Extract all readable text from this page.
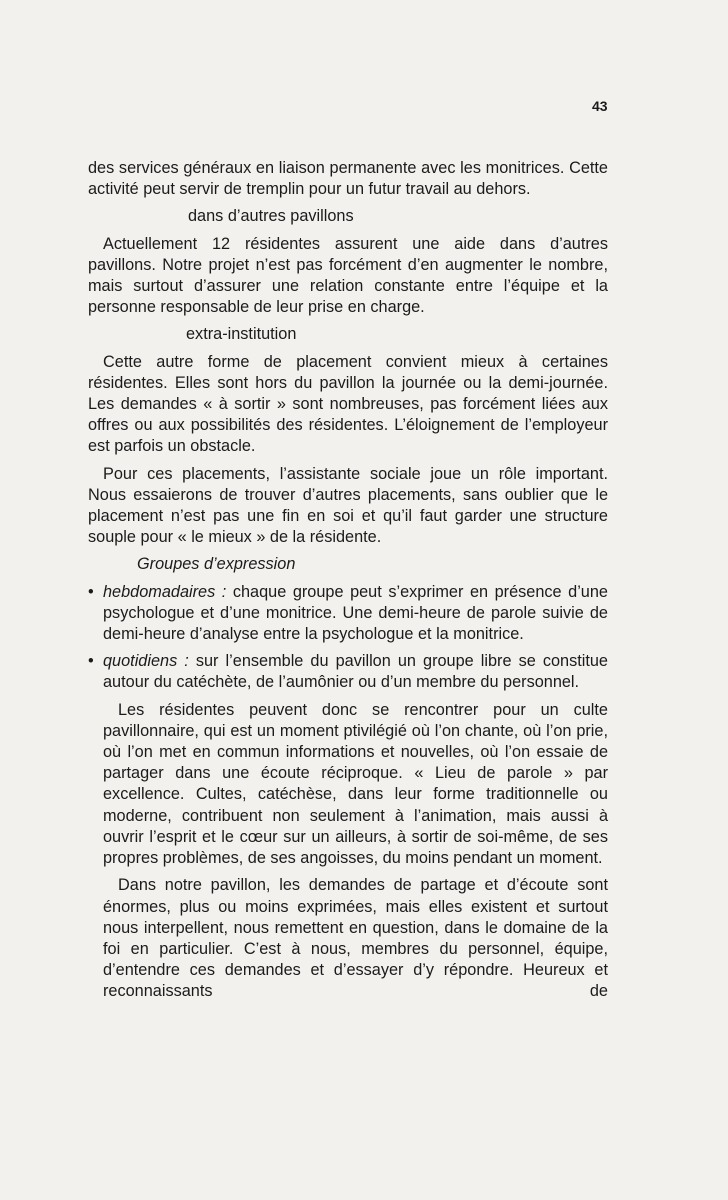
43

des services généraux en liaison permanente avec les monitrices. Cette activité peut servir de tremplin pour un futur travail au dehors.

dans d’autres pavillons

Actuellement 12 résidentes assurent une aide dans d’autres pavillons. Notre projet n’est pas forcément d’en augmenter le nombre, mais surtout d’assurer une relation constante entre l’équipe et la personne responsable de leur prise en charge.

extra-institution

Cette autre forme de placement convient mieux à certaines résidentes. Elles sont hors du pavillon la journée ou la demi-journée. Les demandes « à sortir » sont nombreuses, pas forcément liées aux offres ou aux possibilités des résidentes. L’éloignement de l’employeur est parfois un obstacle.

Pour ces placements, l’assistante sociale joue un rôle important. Nous essaierons de trouver d’autres placements, sans oublier que le placement n’est pas une fin en soi et qu’il faut garder une structure souple pour « le mieux » de la résidente.

Groupes d’expression

• hebdomadaires : chaque groupe peut s’exprimer en présence d’une psychologue et d’une monitrice. Une demi-heure de parole suivie de demi-heure d’analyse entre la psychologue et la monitrice.
• quotidiens : sur l’ensemble du pavillon un groupe libre se constitue autour du catéchète, de l’aumônier ou d’un membre du personnel.

Les résidentes peuvent donc se rencontrer pour un culte pavillonnaire, qui est un moment ptivilégié où l’on chante, où l’on prie, où l’on met en commun informations et nouvelles, où l’on essaie de partager dans une écoute réciproque. « Lieu de parole » par excellence. Cultes, catéchèse, dans leur forme traditionnelle ou moderne, contribuent non seulement à l’animation, mais aussi à ouvrir l’esprit et le cœur sur un ailleurs, à sortir de soi-même, de ses propres problèmes, de ses angoisses, du moins pendant un moment.

Dans notre pavillon, les demandes de partage et d’écoute sont énormes, plus ou moins exprimées, mais elles existent et surtout nous interpellent, nous remettent en question, dans le domaine de la foi en particulier. C’est à nous, membres du personnel, équipe, d’entendre ces demandes et d’essayer d’y répondre. Heureux et reconnaissants de
